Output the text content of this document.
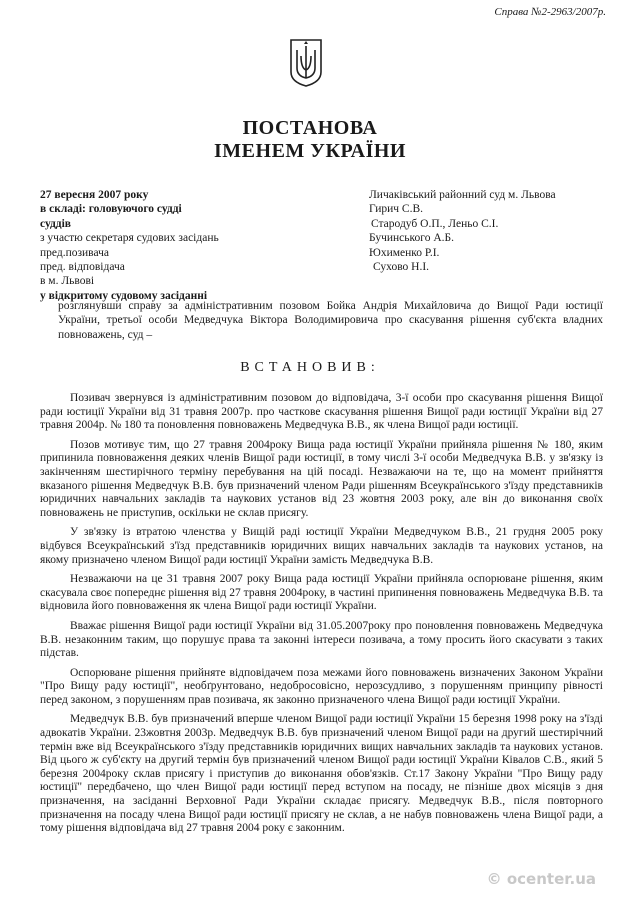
Справа №2-2963/2007р.
ПОСТАНОВА
ІМЕНЕМ УКРАЇНИ
27 вересня 2007 року
в складі: головуючого судді
суддів
з участю секретаря судових засідань
пред.позивача
пред. відповідача
в м. Львові
у відкритому судовому засіданні
Личаківський районний суд м. Львова
Гирич С.В.
Стародуб О.П., Леньо С.І.
Бучинського А.Б.
Юхименко Р.І.
Сухово Н.І.
розглянувши справу за адміністративним позовом Бойка Андрія Михайловича до Вищої Ради юстиції України, третьої особи Медведчука Віктора Володимировича про скасування рішення суб'єкта владних повноважень, суд –
ВСТАНОВИВ:

Позивач звернувся із адміністративним позовом до відповідача, 3-ї особи про скасування рішення Вищої ради юстиції України від 31 травня 2007р. про часткове скасування рішення Вищої ради юстиції України від 27 травня 2004р. № 180 та поновлення повноважень Медведчука В.В., як члена Вищої ради юстиції.

Позов мотивує тим, що 27 травня 2004року Вища рада юстиції України прийняла рішення № 180, яким припинила повноваження деяких членів Вищої ради юстиції, в тому числі 3-ї особи Медведчука В.В. у зв'язку із закінченням шестирічного терміну перебування на цій посаді. Незважаючи на те, що на момент прийняття вказаного рішення Медведчук В.В. був призначений членом Ради рішенням Всеукраїнського з'їзду представників юридичних навчальних закладів та наукових установ від 23 жовтня 2003 року, але він до виконання своїх повноважень не приступив, оскільки не склав присягу.

У зв'язку із втратою членства у Вищій раді юстиції України Медведчуком В.В., 21 грудня 2005 року відбувся Всеукраїнський з'їзд представників юридичних вищих навчальних закладів та наукових установ, на якому призначено членом Вищої ради юстиції України замість Медведчука В.В.

Незважаючи на це 31 травня 2007 року Вища рада юстиції України прийняла оспорюване рішення, яким скасувала своє попереднє рішення від 27 травня 2004року, в частині припинення повноважень Медведчука В.В. та відновила його повноваження як члена Вищої ради юстиції України.

Вважає рішення Вищої ради юстиції України від 31.05.2007року про поновлення повноважень Медведчука В.В. незаконним таким, що порушує права та законні інтереси позивача, а тому просить його скасувати з таких підстав.

Оспорюване рішення прийняте відповідачем поза межами його повноважень визначених Законом України "Про Вищу раду юстиції", необґрунтовано, недобросовісно, нерозсудливо, з порушенням принципу рівності перед законом, з порушенням прав позивача, як законно призначеного члена Вищої ради юстиції України.

Медведчук В.В. був призначений вперше членом Вищої ради юстиції України 15 березня 1998 року на з'їзді адвокатів України. 23жовтня 2003р. Медведчук В.В. був призначений членом Вищої ради на другий шестирічний термін вже від Всеукраїнського з'їзду представників юридичних вищих навчальних закладів та наукових установ. Від цього ж суб'єкту на другий термін був призначений членом Вищої ради юстиції України Ківалов С.В., який 5 березня 2004року склав присягу і приступив до виконання обов'язків. Ст.17 Закону України "Про Вищу раду юстиції" передбачено, що член Вищої ради юстиції перед вступом на посаду, не пізніше двох місяців з дня призначення, на засіданні Верховної Ради України складає присягу. Медведчук В.В., після повторного призначення на посаду члена Вищої ради юстиції присягу не склав, а не набув повноважень члена Вищої ради, а тому рішення відповідача від 27 травня 2004 року є законним.

© ocenter.ua
